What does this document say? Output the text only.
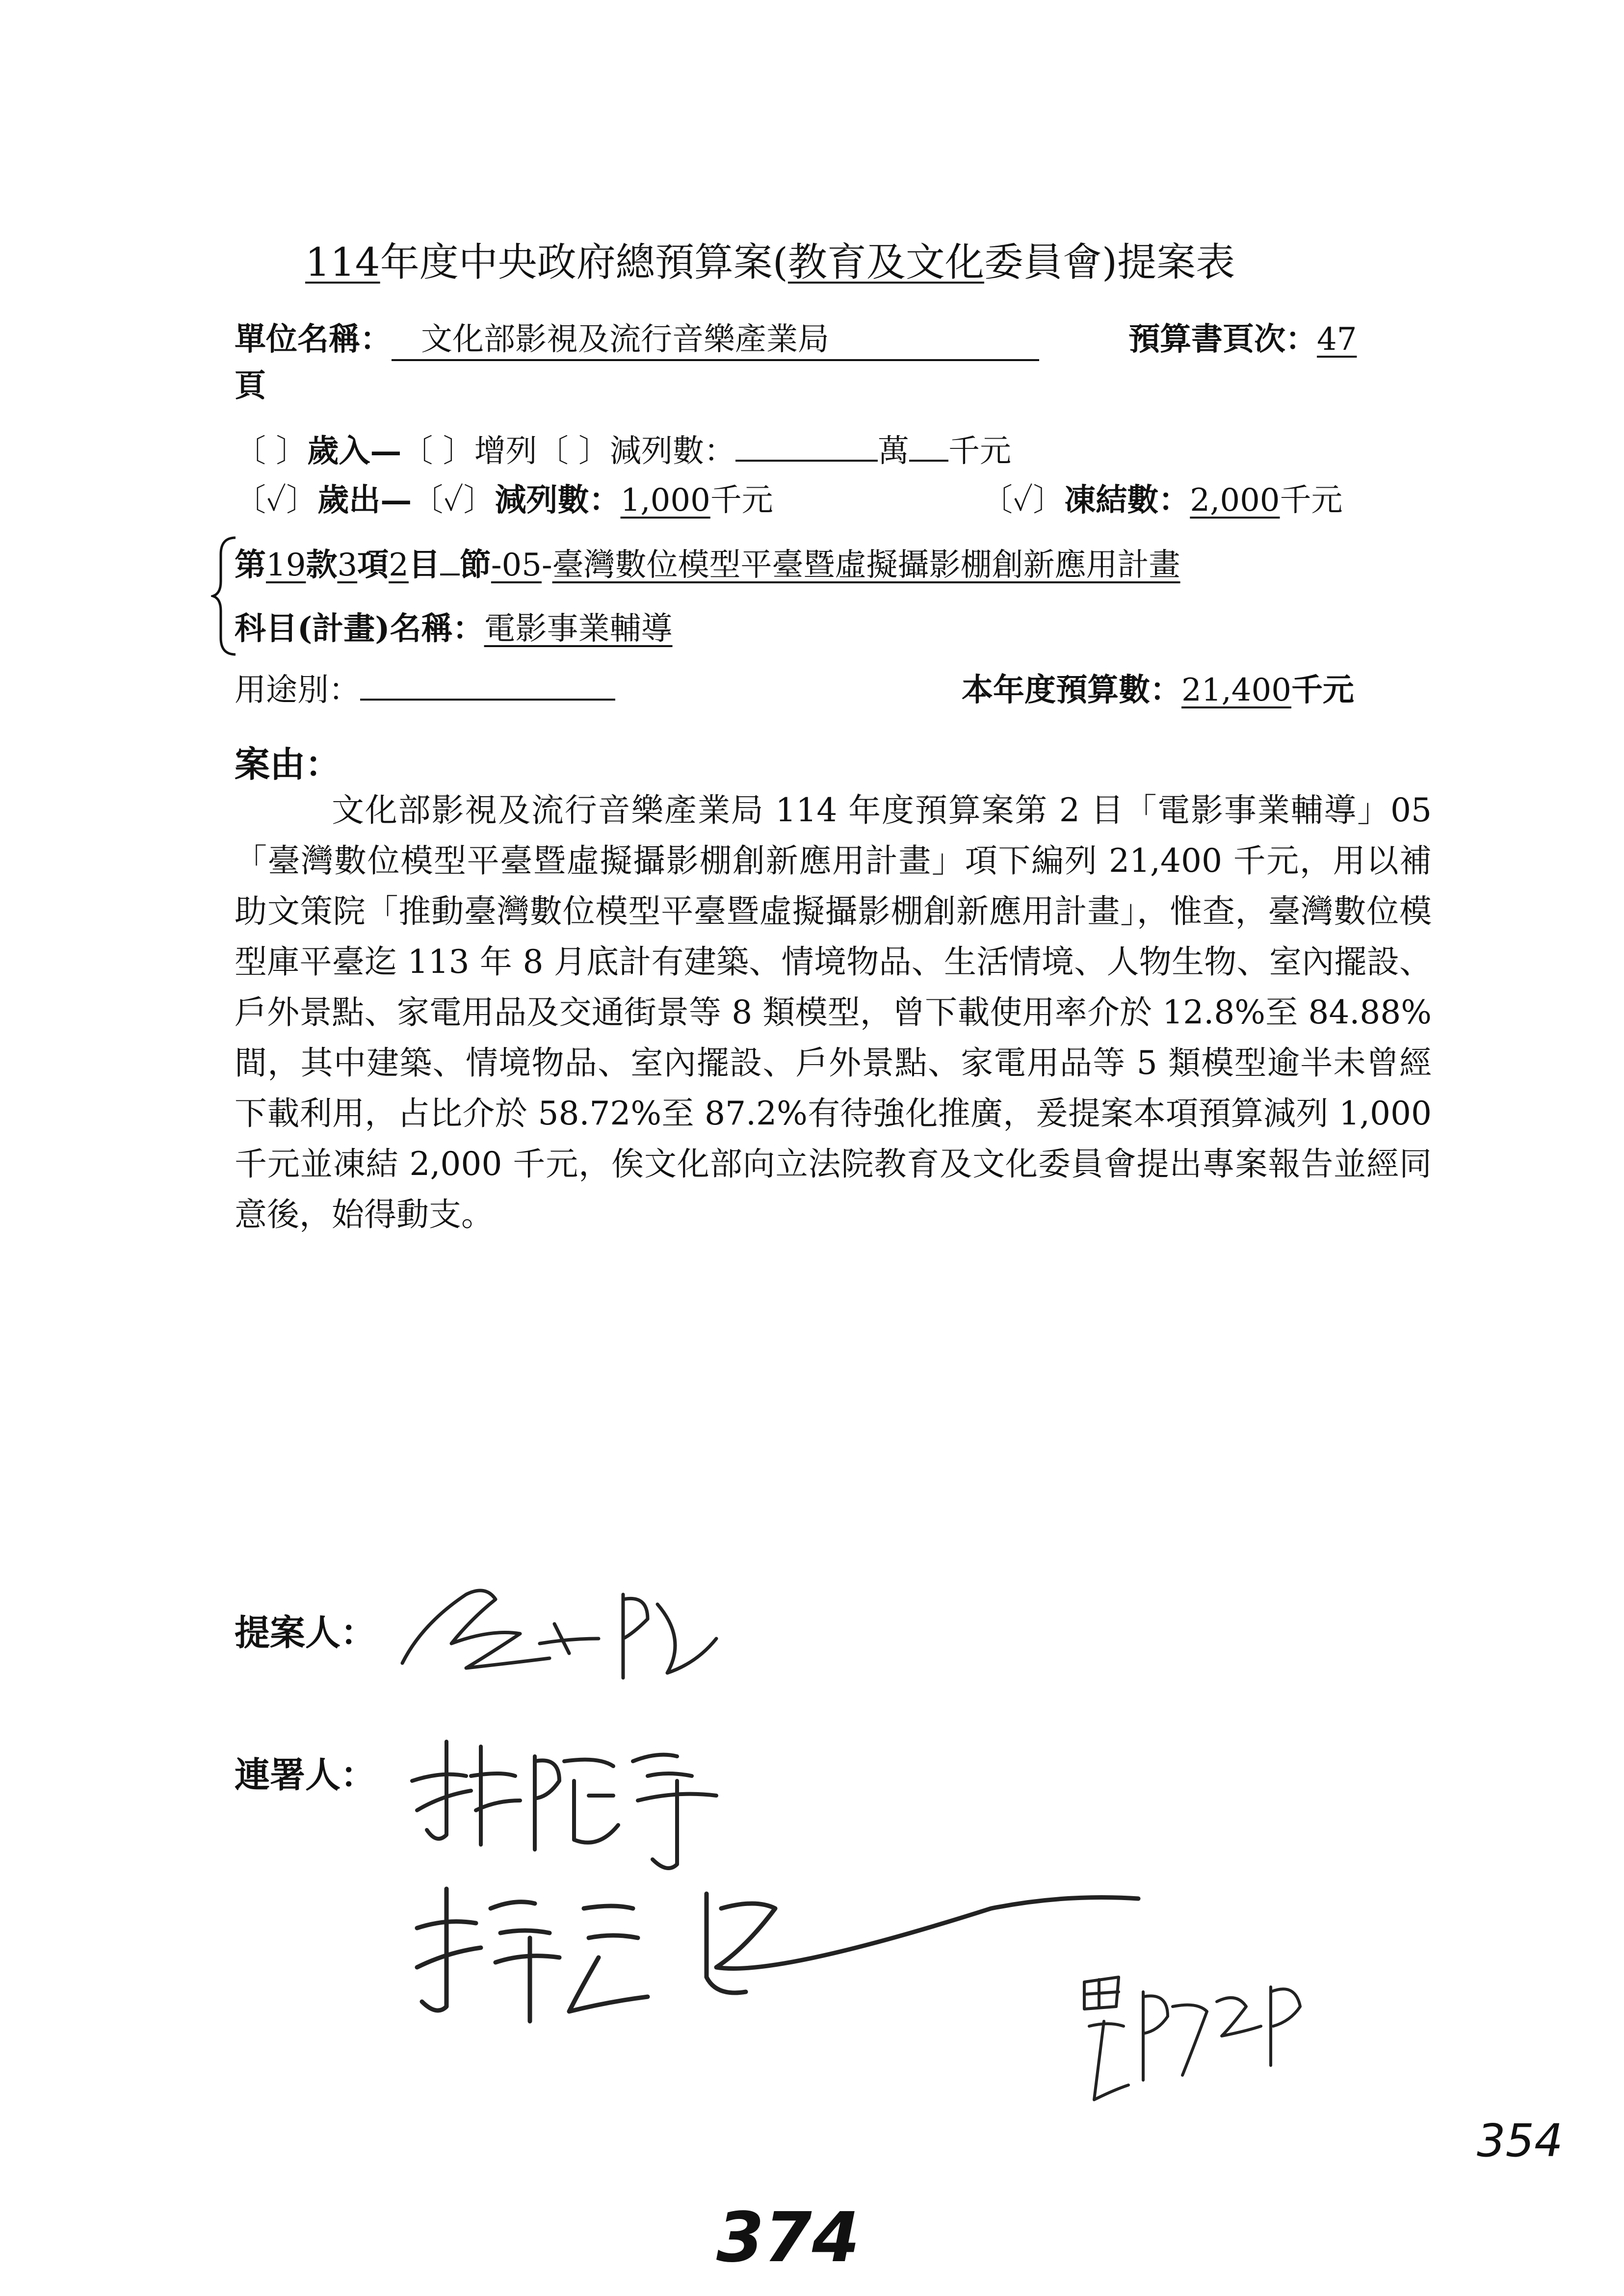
114年度中央政府總預算案(教育及文化委員會)提案表
單位名稱： 文化部影視及流行音樂產業局	預算書頁次：47
頁
〔 〕歲入—〔 〕增列〔 〕減列數：	萬 千元
〔✓〕歲出—〔✓〕減列數：1,000千元	〔✓〕凍結數：2,000千元
第19款3項2目 節-05-臺灣數位模型平臺暨虛擬攝影棚創新應用計畫
科目(計畫)名稱：電影事業輔導
用途別：	本年度預算數：21,400千元
案由：
文化部影視及流行音樂產業局 114 年度預算案第 2 目「電影事業輔導」05「臺灣數位模型平臺暨虛擬攝影棚創新應用計畫」項下編列 21,400 千元，用以補助文策院「推動臺灣數位模型平臺暨虛擬攝影棚創新應用計畫」，惟查，臺灣數位模型庫平臺迄 113 年 8 月底計有建築、情境物品、生活情境、人物生物、室內擺設、戶外景點、家電用品及交通街景等 8 類模型，曾下載使用率介於 12.8%至 84.88%間，其中建築、情境物品、室內擺設、戶外景點、家電用品等 5 類模型逾半未曾經下載利用，占比介於 58.72%至 87.2%有待強化推廣，爰提案本項預算減列 1,000 千元並凍結 2,000 千元，俟文化部向立法院教育及文化委員會提出專案報告並經同意後，始得動支。
提案人：
連署人：
374
354
